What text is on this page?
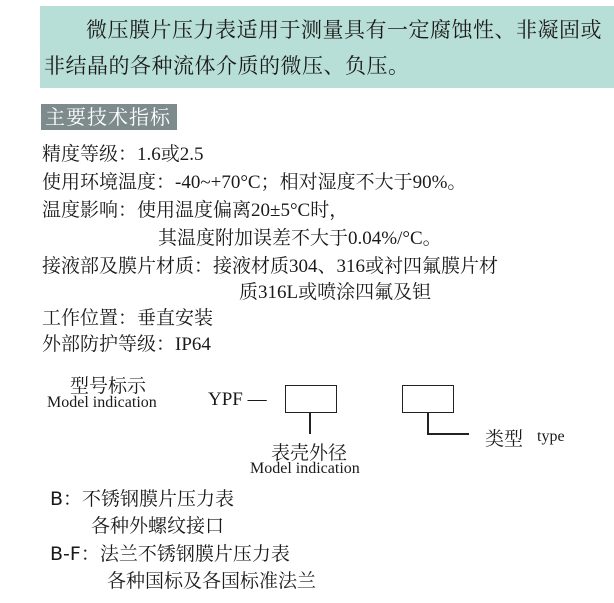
微压膜片压力表适用于测量具有一定腐蚀性、非凝固或非结晶的各种流体介质的微压、负压。
主要技术指标
精度等级：1.6或2.5
使用环境温度：-40~+70°C；相对湿度不大于90%。
温度影响：使用温度偏离20±5°C时，
其温度附加误差不大于0.04%/°C。
接液部及膜片材质：接液材质304、316或衬四氟膜片材
质316L或喷涂四氟及钽
工作位置：垂直安装
外部防护等级：IP64
型号标示
Model indication	YPF —
表壳外径
Model indication
类型 type
B：不锈钢膜片压力表
各种外螺纹接口
B-F：法兰不锈钢膜片压力表
各种国标及各国标准法兰
